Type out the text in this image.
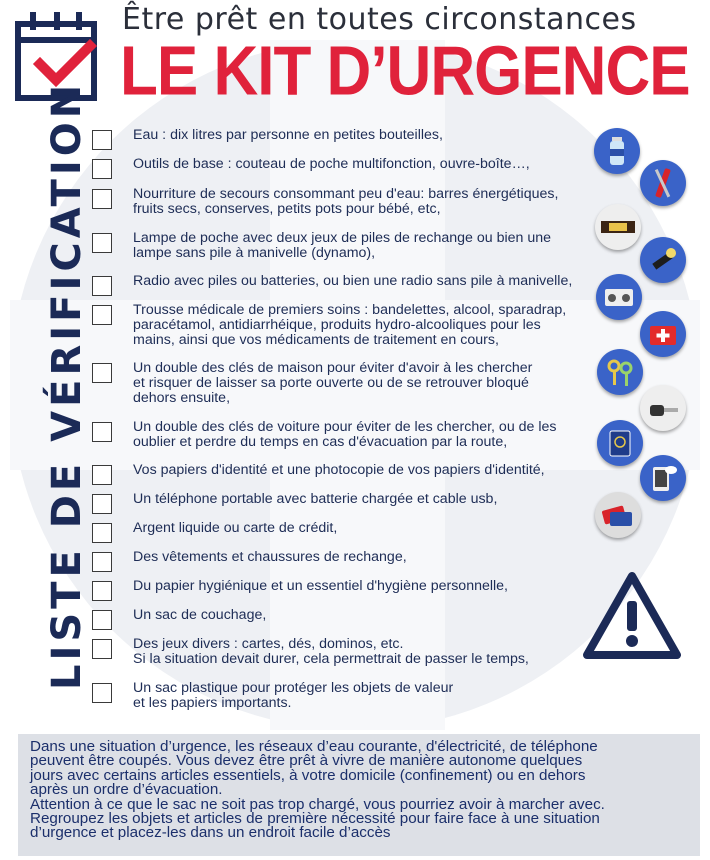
Être prêt en toutes circonstances
LE KIT D’URGENCE
LISTE DE VÉRIFICATION	Eau : dix litres par personne en petites bouteilles,
Outils de base : couteau de poche multifonction, ouvre-boîte…,
Nourriture de secours consommant peu d'eau: barres énergétiques,
fruits secs, conserves, petits pots pour bébé, etc,
Lampe de poche avec deux jeux de piles de rechange ou bien une
lampe sans pile à manivelle (dynamo),
Radio avec piles ou batteries, ou bien une radio sans pile à manivelle,
Trousse médicale de premiers soins : bandelettes, alcool, sparadrap,
paracétamol, antidiarrhéique, produits hydro-alcooliques pour les
mains, ainsi que vos médicaments de traitement en cours,
Un double des clés de maison pour éviter d'avoir à les chercher
et risquer de laisser sa porte ouverte ou de se retrouver bloqué
dehors ensuite,
Un double des clés de voiture pour éviter de les chercher, ou de les
oublier et perdre du temps en cas d'évacuation par la route,
Vos papiers d'identité et une photocopie de vos papiers d'identité,
Un téléphone portable avec batterie chargée et cable usb,
Argent liquide ou carte de crédit,
Des vêtements et chaussures de rechange,
Du papier hygiénique et un essentiel d'hygiène personnelle,
Un sac de couchage,
Des jeux divers : cartes, dés, dominos, etc.
Si la situation devait durer, cela permettrait de passer le temps,
Un sac plastique pour protéger les objets de valeur
et les papiers importants.
Dans une situation d’urgence, les réseaux d’eau courante, d'électricité, de téléphone
peuvent être coupés. Vous devez être prêt à vivre de manière autonome quelques
jours avec certains articles essentiels, à votre domicile (confinement) ou en dehors
après un ordre d’évacuation.
Attention à ce que le sac ne soit pas trop chargé, vous pourriez avoir à marcher avec.
Regroupez les objets et articles de première nécessité pour faire face à une situation
d’urgence et placez-les dans un endroit facile d’accès
